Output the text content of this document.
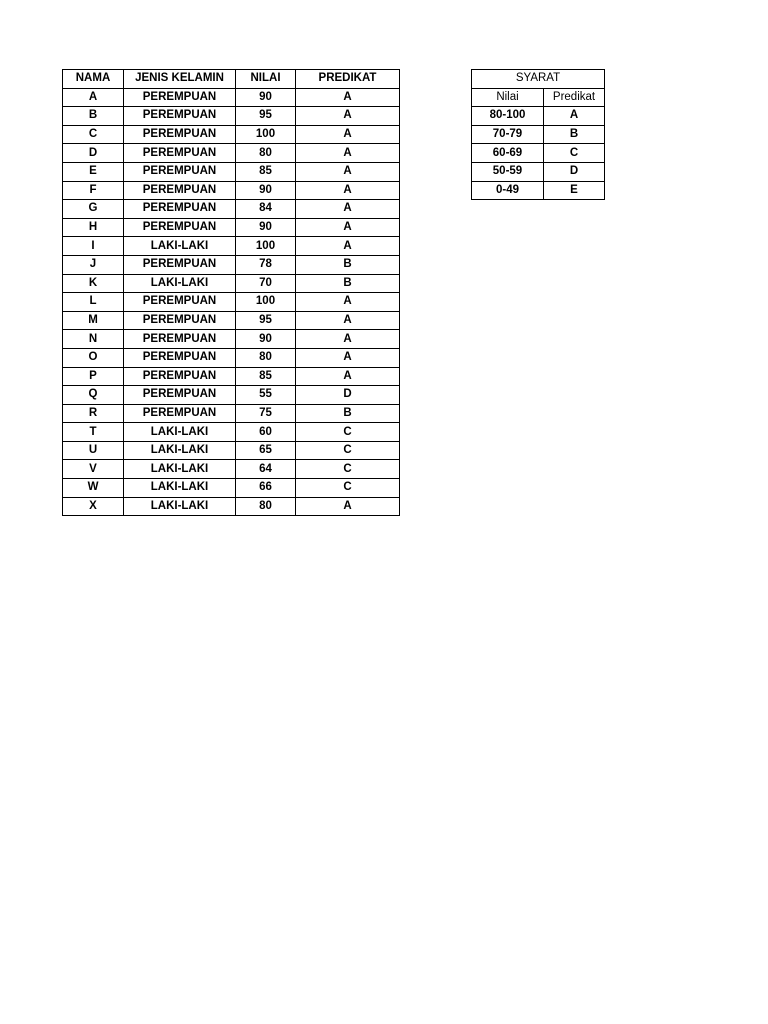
NAMA	JENIS KELAMIN	NILAI	PREDIKAT
A	PEREMPUAN	90	A
B	PEREMPUAN	95	A
C	PEREMPUAN	100	A
D	PEREMPUAN	80	A
E	PEREMPUAN	85	A
F	PEREMPUAN	90	A
G	PEREMPUAN	84	A
H	PEREMPUAN	90	A
I	LAKI-LAKI	100	A
J	PEREMPUAN	78	B
K	LAKI-LAKI	70	B
L	PEREMPUAN	100	A
M	PEREMPUAN	95	A
N	PEREMPUAN	90	A
O	PEREMPUAN	80	A
P	PEREMPUAN	85	A
Q	PEREMPUAN	55	D
R	PEREMPUAN	75	B
T	LAKI-LAKI	60	C
U	LAKI-LAKI	65	C
V	LAKI-LAKI	64	C
W	LAKI-LAKI	66	C
X	LAKI-LAKI	80	A
SYARAT	
Nilai	Predikat
80-100	A
70-79	B
60-69	C
50-59	D
0-49	E
